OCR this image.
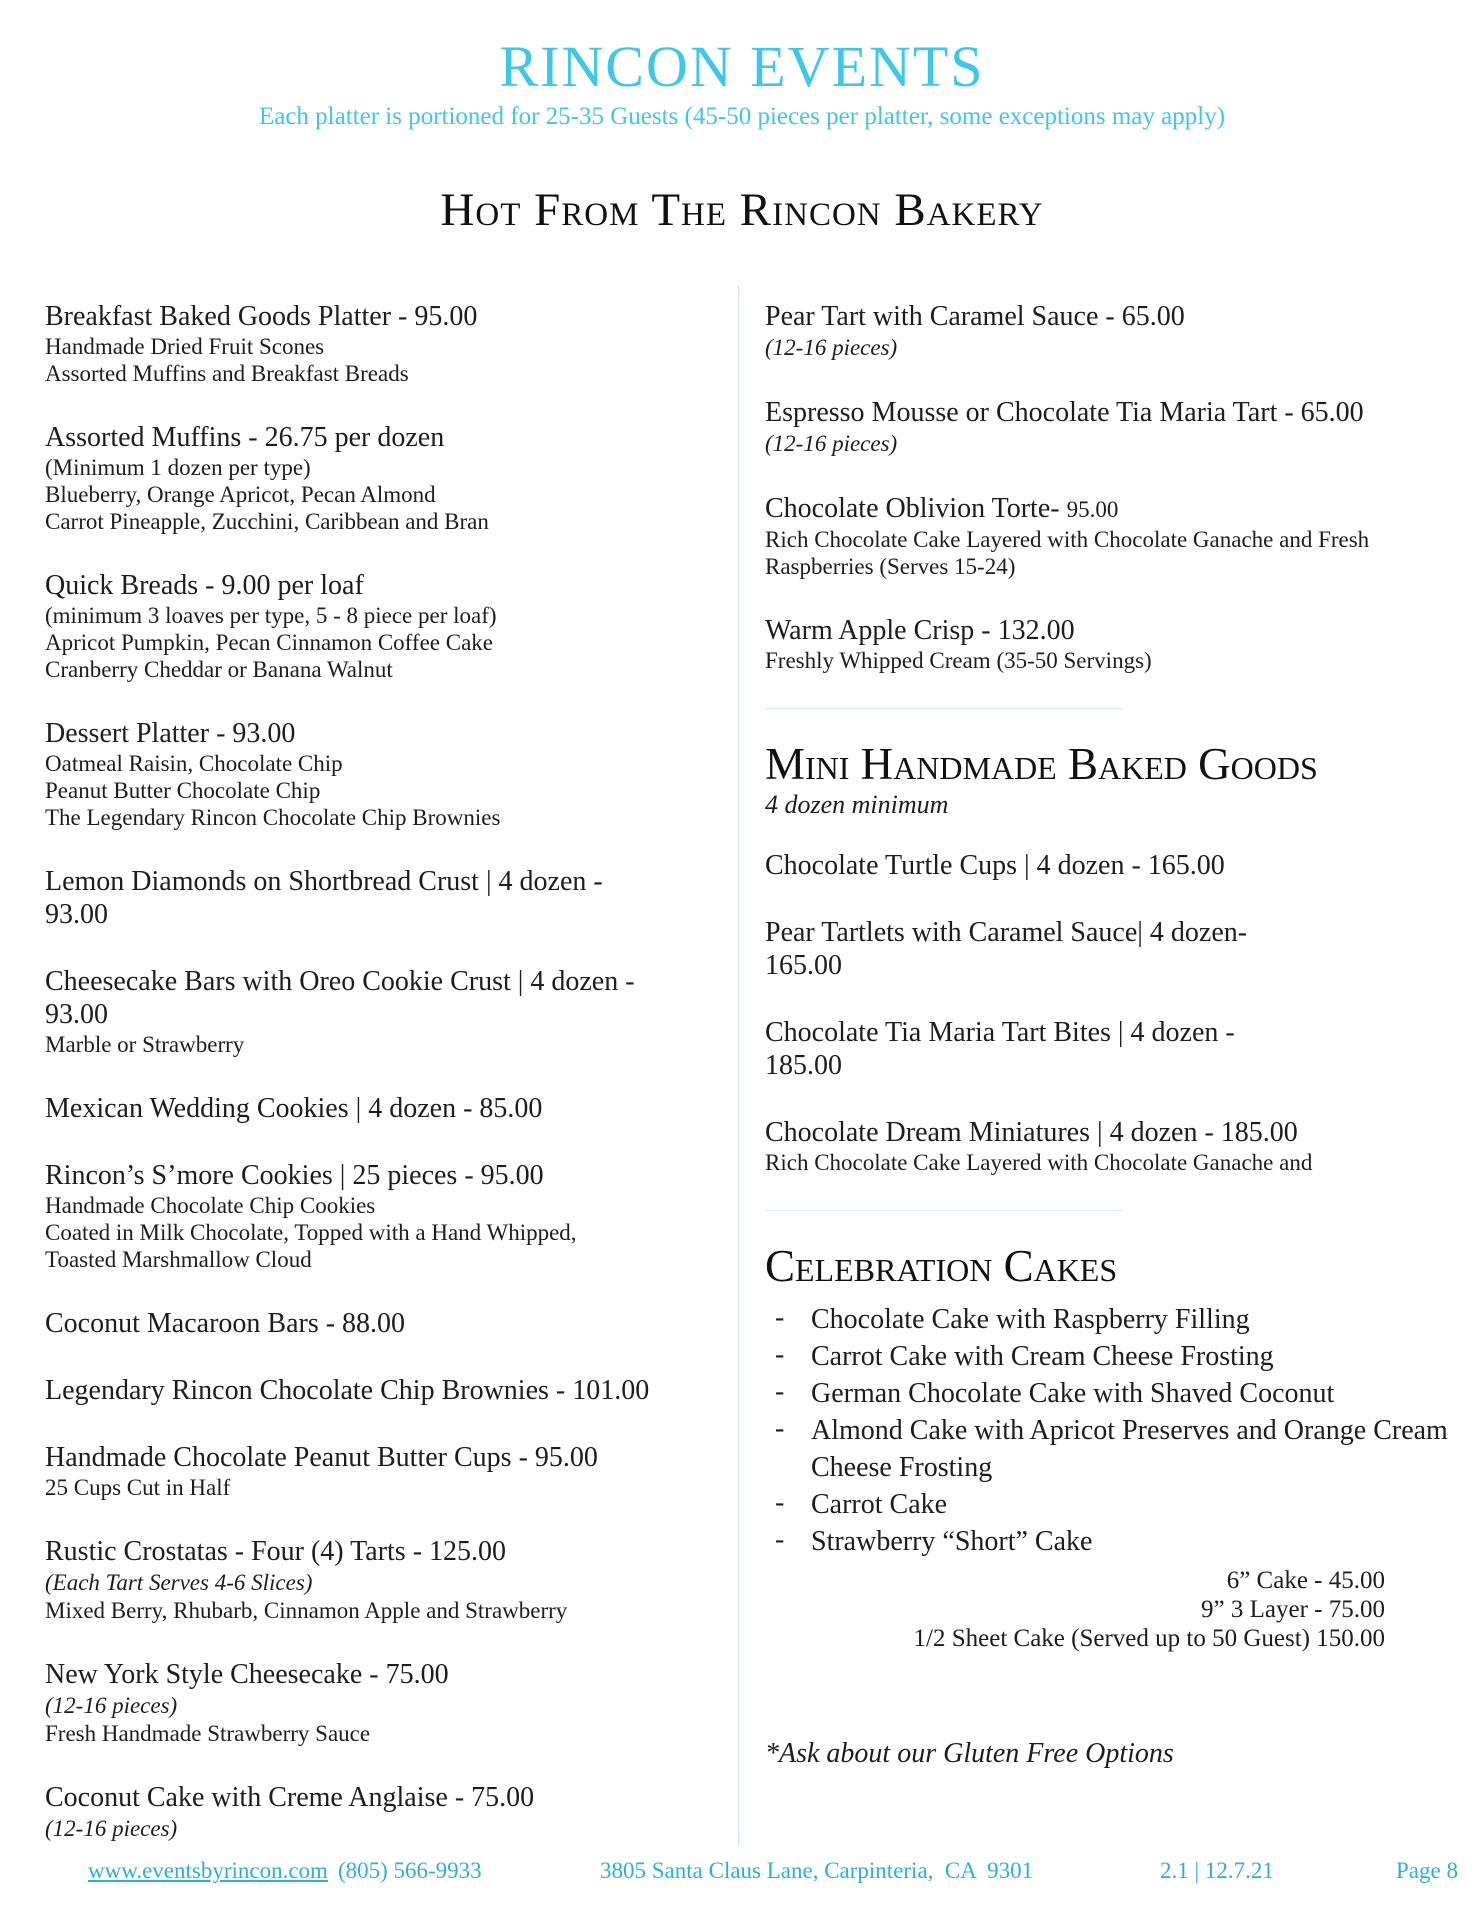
RINCON EVENTS
Each platter is portioned for 25-35 Guests (45-50 pieces per platter, some exceptions may apply)
Hot From The Rincon Bakery
Breakfast Baked Goods Platter - 95.00
Handmade Dried Fruit Scones
Assorted Muffins and Breakfast Breads
Assorted Muffins - 26.75 per dozen
(Minimum 1 dozen per type)
Blueberry, Orange Apricot, Pecan Almond
Carrot Pineapple, Zucchini, Caribbean and Bran
Quick Breads - 9.00 per loaf
(minimum 3 loaves per type, 5 - 8 piece per loaf)
Apricot Pumpkin, Pecan Cinnamon Coffee Cake
Cranberry Cheddar or Banana Walnut
Dessert Platter - 93.00
Oatmeal Raisin, Chocolate Chip
Peanut Butter Chocolate Chip
The Legendary Rincon Chocolate Chip Brownies
Lemon Diamonds on Shortbread Crust | 4 dozen -
93.00
Cheesecake Bars with Oreo Cookie Crust | 4 dozen -
93.00
Marble or Strawberry
Mexican Wedding Cookies | 4 dozen - 85.00
Rincon’s S’more Cookies | 25 pieces - 95.00
Handmade Chocolate Chip Cookies
Coated in Milk Chocolate, Topped with a Hand Whipped,
Toasted Marshmallow Cloud
Coconut Macaroon Bars - 88.00
Legendary Rincon Chocolate Chip Brownies - 101.00
Handmade Chocolate Peanut Butter Cups - 95.00
25 Cups Cut in Half
Rustic Crostatas - Four (4) Tarts - 125.00
(Each Tart Serves 4-6 Slices)
Mixed Berry, Rhubarb, Cinnamon Apple and Strawberry
New York Style Cheesecake - 75.00
(12-16 pieces)
Fresh Handmade Strawberry Sauce
Coconut Cake with Creme Anglaise - 75.00
(12-16 pieces)
Pear Tart with Caramel Sauce - 65.00
(12-16 pieces)
Espresso Mousse or Chocolate Tia Maria Tart - 65.00
(12-16 pieces)
Chocolate Oblivion Torte- 95.00
Rich Chocolate Cake Layered with Chocolate Ganache and Fresh
Raspberries (Serves 15-24)
Warm Apple Crisp - 132.00
Freshly Whipped Cream (35-50 Servings)
Mini Handmade Baked Goods
4 dozen minimum
Chocolate Turtle Cups | 4 dozen - 165.00
Pear Tartlets with Caramel Sauce| 4 dozen-
165.00
Chocolate Tia Maria Tart Bites | 4 dozen -
185.00
Chocolate Dream Miniatures | 4 dozen - 185.00
Rich Chocolate Cake Layered with Chocolate Ganache and
Celebration Cakes
- Chocolate Cake with Raspberry Filling
- Carrot Cake with Cream Cheese Frosting
- German Chocolate Cake with Shaved Coconut
- Almond Cake with Apricot Preserves and Orange Cream Cheese Frosting
- Carrot Cake
- Strawberry “Short” Cake
6” Cake - 45.00
9” 3 Layer - 75.00
1/2 Sheet Cake (Served up to 50 Guest) 150.00
*Ask about our Gluten Free Options
www.eventsbyrincon.com (805) 566-9933	3805 Santa Claus Lane, Carpinteria,  CA  9301	2.1 | 12.7.21	Page 8
